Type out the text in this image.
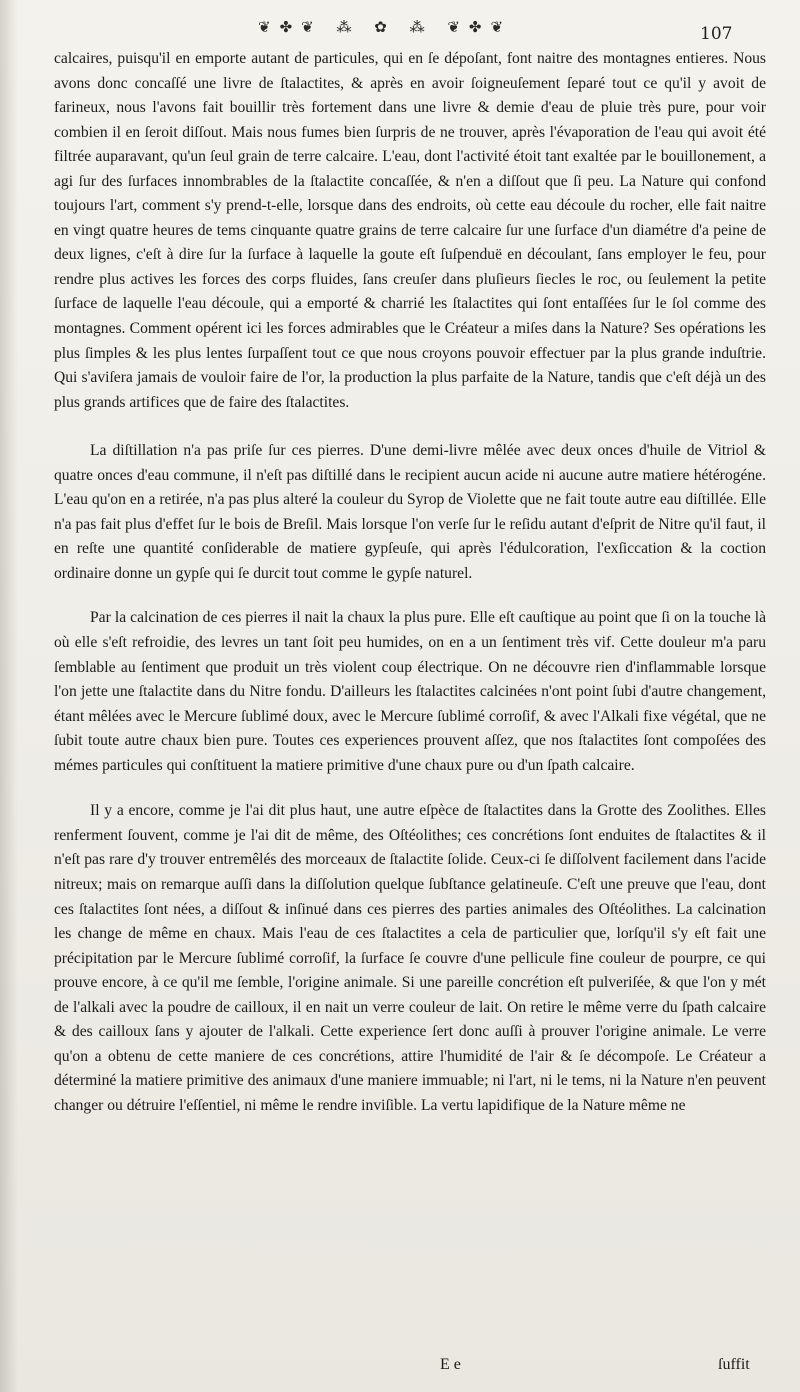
❦✤❦ ⁂ ✿ ⁂ ❦✤❦	107

calcaires, puisqu'il en emporte autant de particules, qui en ſe dépoſant, font naitre des montagnes entieres. Nous avons donc concaſſé une livre de ſtalactites, & après en avoir ſoigneuſement ſeparé tout ce qu'il y avoit de farineux, nous l'avons fait bouillir très fortement dans une livre & demie d'eau de pluie très pure, pour voir combien il en ſeroit diſſout. Mais nous fumes bien ſurpris de ne trouver, après l'évaporation de l'eau qui avoit été filtrée auparavant, qu'un ſeul grain de terre calcaire. L'eau, dont l'activité étoit tant exaltée par le bouillonement, a agi ſur des ſurfaces innombrables de la ſtalactite concaſſée, & n'en a diſſout que ſi peu. La Nature qui confond toujours l'art, comment s'y prend-t-elle, lorsque dans des endroits, où cette eau découle du rocher, elle fait naitre en vingt quatre heures de tems cinquante quatre grains de terre calcaire ſur une ſurface d'un diamétre d'a peine de deux lignes, c'eſt à dire ſur la ſurface à laquelle la goute eſt ſuſpenduë en découlant, ſans employer le feu, pour rendre plus actives les forces des corps fluides, ſans creuſer dans pluſieurs ſiecles le roc, ou ſeulement la petite ſurface de laquelle l'eau découle, qui a emporté & charrié les ſtalactites qui ſont entaſſées ſur le ſol comme des montagnes. Comment opérent ici les forces admirables que le Créateur a miſes dans la Nature? Ses opérations les plus ſimples & les plus lentes ſurpaſſent tout ce que nous croyons pouvoir effectuer par la plus grande induſtrie. Qui s'aviſera jamais de vouloir faire de l'or, la production la plus parfaite de la Nature, tandis que c'eſt déjà un des plus grands artifices que de faire des ſtalactites.

La diſtillation n'a pas priſe ſur ces pierres. D'une demi-livre mêlée avec deux onces d'huile de Vitriol & quatre onces d'eau commune, il n'eſt pas diſtillé dans le recipient aucun acide ni aucune autre matiere hétérogéne. L'eau qu'on en a retirée, n'a pas plus alteré la couleur du Syrop de Violette que ne fait toute autre eau diſtillée. Elle n'a pas fait plus d'effet ſur le bois de Breſil. Mais lorsque l'on verſe ſur le reſidu autant d'eſprit de Nitre qu'il faut, il en reſte une quantité conſiderable de matiere gypſeuſe, qui après l'édulcoration, l'exſiccation & la coction ordinaire donne un gypſe qui ſe durcit tout comme le gypſe naturel.

Par la calcination de ces pierres il nait la chaux la plus pure. Elle eſt cauſtique au point que ſi on la touche là où elle s'eſt refroidie, des levres un tant ſoit peu humides, on en a un ſentiment très vif. Cette douleur m'a paru ſemblable au ſentiment que produit un très violent coup électrique. On ne découvre rien d'inflammable lorsque l'on jette une ſtalactite dans du Nitre fondu. D'ailleurs les ſtalactites calcinées n'ont point ſubi d'autre changement, étant mêlées avec le Mercure ſublimé doux, avec le Mercure ſublimé corroſif, & avec l'Alkali fixe végétal, que ne ſubit toute autre chaux bien pure. Toutes ces experiences prouvent aſſez, que nos ſtalactites ſont compoſées des mémes particules qui conſtituent la matiere primitive d'une chaux pure ou d'un ſpath calcaire.

Il y a encore, comme je l'ai dit plus haut, une autre eſpèce de ſtalactites dans la Grotte des Zoolithes. Elles renferment ſouvent, comme je l'ai dit de même, des Oſtéolithes; ces concrétions ſont enduites de ſtalactites & il n'eſt pas rare d'y trouver entremêlés des morceaux de ſtalactite ſolide. Ceux-ci ſe diſſolvent facilement dans l'acide nitreux; mais on remarque auſſi dans la diſſolution quelque ſubſtance gelatineuſe. C'eſt une preuve que l'eau, dont ces ſtalactites ſont nées, a diſſout & inſinué dans ces pierres des parties animales des Oſtéolithes. La calcination les change de même en chaux. Mais l'eau de ces ſtalactites a cela de particulier que, lorſqu'il s'y eſt fait une précipitation par le Mercure ſublimé corroſif, la ſurface ſe couvre d'une pellicule fine couleur de pourpre, ce qui prouve encore, à ce qu'il me ſemble, l'origine animale. Si une pareille concrétion eſt pulveriſée, & que l'on y mét de l'alkali avec la poudre de cailloux, il en nait un verre couleur de lait. On retire le même verre du ſpath calcaire & des cailloux ſans y ajouter de l'alkali. Cette experience ſert donc auſſi à prouver l'origine animale. Le verre qu'on a obtenu de cette maniere de ces concrétions, attire l'humidité de l'air & ſe décompoſe. Le Créateur a déterminé la matiere primitive des animaux d'une maniere immuable; ni l'art, ni le tems, ni la Nature n'en peuvent changer ou détruire l'eſſentiel, ni même le rendre inviſible. La vertu lapidifique de la Nature même ne

E e	ſuffit
